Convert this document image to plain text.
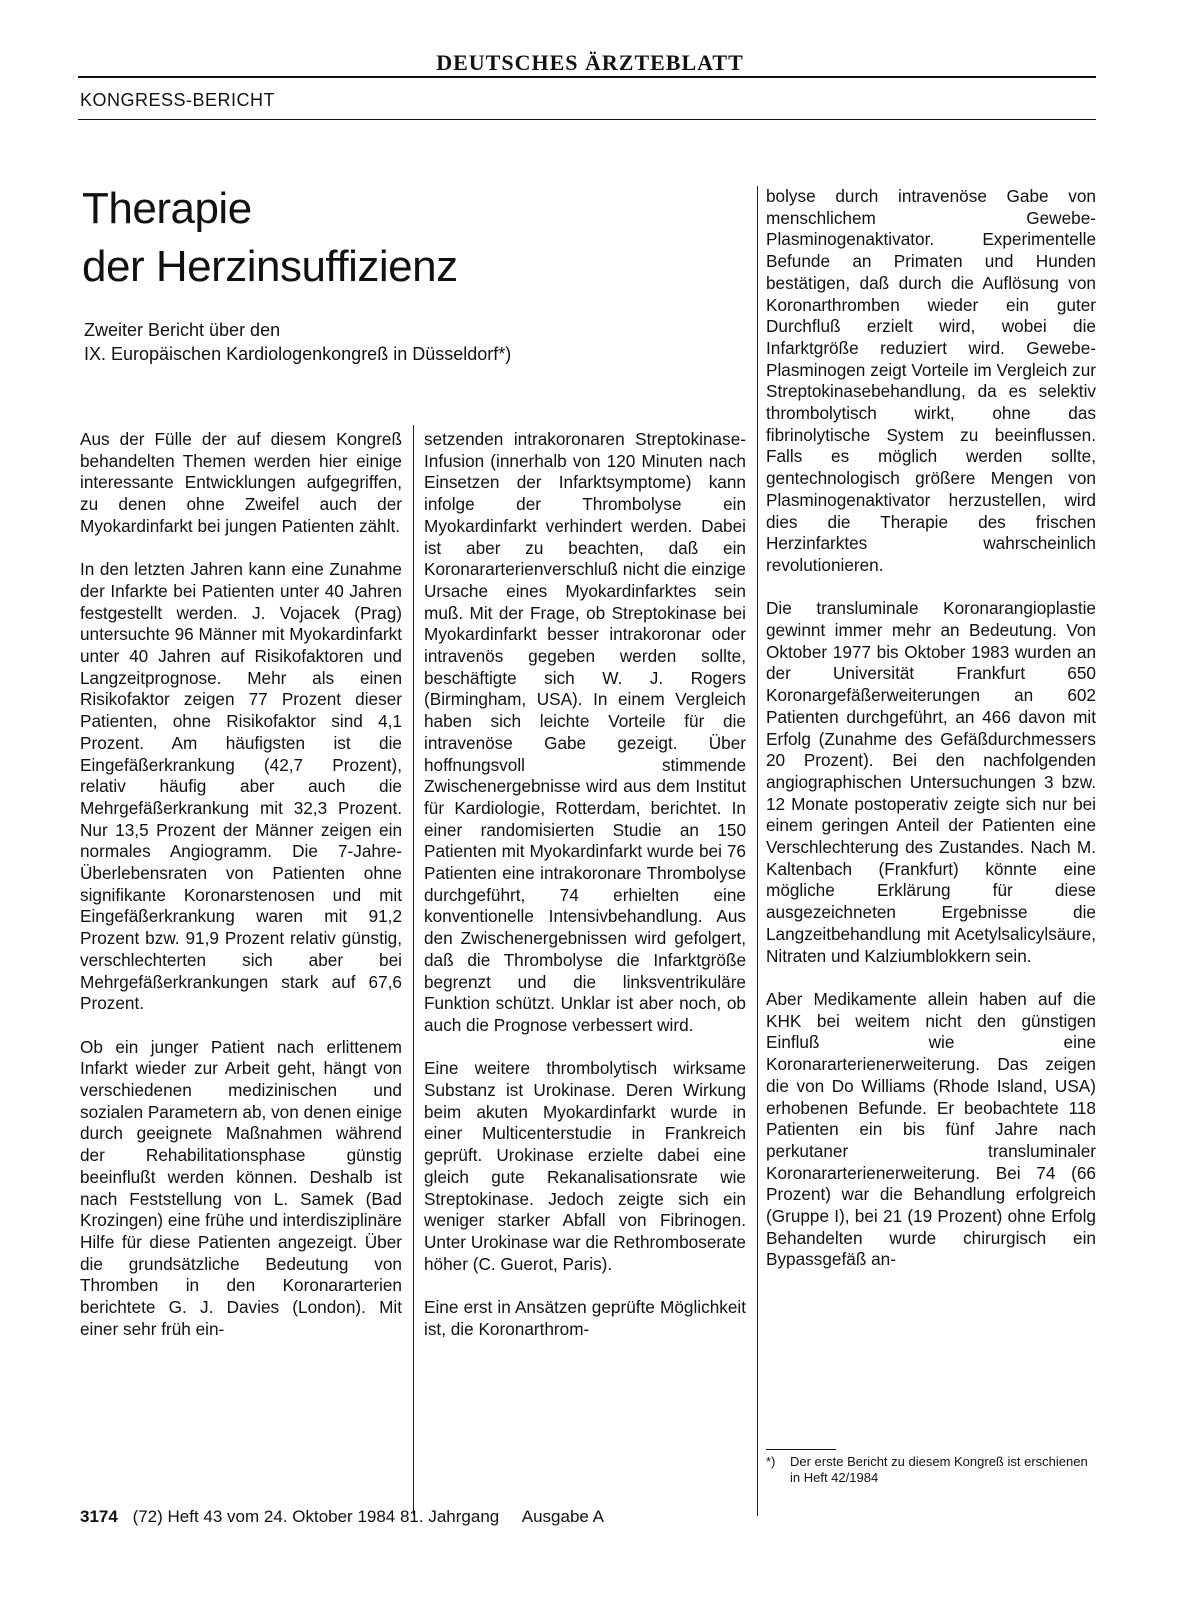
DEUTSCHES ÄRZTEBLATT
KONGRESS-BERICHT
Therapie
der Herzinsuffizienz
Zweiter Bericht über den
IX. Europäischen Kardiologenkongreß in Düsseldorf*)

Aus der Fülle der auf diesem Kongreß behandelten Themen werden hier einige interessante Entwicklungen aufgegriffen, zu denen ohne Zweifel auch der Myokardinfarkt bei jungen Patienten zählt.

In den letzten Jahren kann eine Zunahme der Infarkte bei Patienten unter 40 Jahren festgestellt werden. J. Vojacek (Prag) untersuchte 96 Männer mit Myokardinfarkt unter 40 Jahren auf Risikofaktoren und Langzeitprognose. Mehr als einen Risikofaktor zeigen 77 Prozent dieser Patienten, ohne Risikofaktor sind 4,1 Prozent. Am häufigsten ist die Eingefäßerkrankung (42,7 Prozent), relativ häufig aber auch die Mehrgefäßerkrankung mit 32,3 Prozent. Nur 13,5 Prozent der Männer zeigen ein normales Angiogramm. Die 7-Jahre-Überlebensraten von Patienten ohne signifikante Koronarstenosen und mit Eingefäßerkrankung waren mit 91,2 Prozent bzw. 91,9 Prozent relativ günstig, verschlechterten sich aber bei Mehrgefäßerkrankungen stark auf 67,6 Prozent.

Ob ein junger Patient nach erlittenem Infarkt wieder zur Arbeit geht, hängt von verschiedenen medizinischen und sozialen Parametern ab, von denen einige durch geeignete Maßnahmen während der Rehabilitationsphase günstig beeinflußt werden können. Deshalb ist nach Feststellung von L. Samek (Bad Krozingen) eine frühe und interdisziplinäre Hilfe für diese Patienten angezeigt. Über die grundsätzliche Bedeutung von Thromben in den Koronararterien berichtete G. J. Davies (London). Mit einer sehr früh ein-

setzenden intrakoronaren Streptokinase-Infusion (innerhalb von 120 Minuten nach Einsetzen der Infarktsymptome) kann infolge der Thrombolyse ein Myokardinfarkt verhindert werden. Dabei ist aber zu beachten, daß ein Koronararterienverschluß nicht die einzige Ursache eines Myokardinfarktes sein muß. Mit der Frage, ob Streptokinase bei Myokardinfarkt besser intrakoronar oder intravenös gegeben werden sollte, beschäftigte sich W. J. Rogers (Birmingham, USA). In einem Vergleich haben sich leichte Vorteile für die intravenöse Gabe gezeigt. Über hoffnungsvoll stimmende Zwischenergebnisse wird aus dem Institut für Kardiologie, Rotterdam, berichtet. In einer randomisierten Studie an 150 Patienten mit Myokardinfarkt wurde bei 76 Patienten eine intrakoronare Thrombolyse durchgeführt, 74 erhielten eine konventionelle Intensivbehandlung. Aus den Zwischenergebnissen wird gefolgert, daß die Thrombolyse die Infarktgröße begrenzt und die linksventrikuläre Funktion schützt. Unklar ist aber noch, ob auch die Prognose verbessert wird.

Eine weitere thrombolytisch wirksame Substanz ist Urokinase. Deren Wirkung beim akuten Myokardinfarkt wurde in einer Multicenterstudie in Frankreich geprüft. Urokinase erzielte dabei eine gleich gute Rekanalisationsrate wie Streptokinase. Jedoch zeigte sich ein weniger starker Abfall von Fibrinogen. Unter Urokinase war die Rethromboserate höher (C. Guerot, Paris).

Eine erst in Ansätzen geprüfte Möglichkeit ist, die Koronarthrom-

bolyse durch intravenöse Gabe von menschlichem Gewebe-Plasminogenaktivator. Experimentelle Befunde an Primaten und Hunden bestätigen, daß durch die Auflösung von Koronarthromben wieder ein guter Durchfluß erzielt wird, wobei die Infarktgröße reduziert wird. Gewebe-Plasminogen zeigt Vorteile im Vergleich zur Streptokinasebehandlung, da es selektiv thrombolytisch wirkt, ohne das fibrinolytische System zu beeinflussen. Falls es möglich werden sollte, gentechnologisch größere Mengen von Plasminogenaktivator herzustellen, wird dies die Therapie des frischen Herzinfarktes wahrscheinlich revolutionieren.

Die transluminale Koronarangioplastie gewinnt immer mehr an Bedeutung. Von Oktober 1977 bis Oktober 1983 wurden an der Universität Frankfurt 650 Koronargefäßerweiterungen an 602 Patienten durchgeführt, an 466 davon mit Erfolg (Zunahme des Gefäßdurchmessers 20 Prozent). Bei den nachfolgenden angiographischen Untersuchungen 3 bzw. 12 Monate postoperativ zeigte sich nur bei einem geringen Anteil der Patienten eine Verschlechterung des Zustandes. Nach M. Kaltenbach (Frankfurt) könnte eine mögliche Erklärung für diese ausgezeichneten Ergebnisse die Langzeitbehandlung mit Acetylsalicylsäure, Nitraten und Kalziumblokkern sein.

Aber Medikamente allein haben auf die KHK bei weitem nicht den günstigen Einfluß wie eine Koronararterienerweiterung. Das zeigen die von Do Williams (Rhode Island, USA) erhobenen Befunde. Er beobachtete 118 Patienten ein bis fünf Jahre nach perkutaner transluminaler Koronararterienerweiterung. Bei 74 (66 Prozent) war die Behandlung erfolgreich (Gruppe I), bei 21 (19 Prozent) ohne Erfolg Behandelten wurde chirurgisch ein Bypassgefäß an-

*) Der erste Bericht zu diesem Kongreß ist erschienen in Heft 42/1984
3174 (72) Heft 43 vom 24. Oktober 1984 81. Jahrgang Ausgabe A
